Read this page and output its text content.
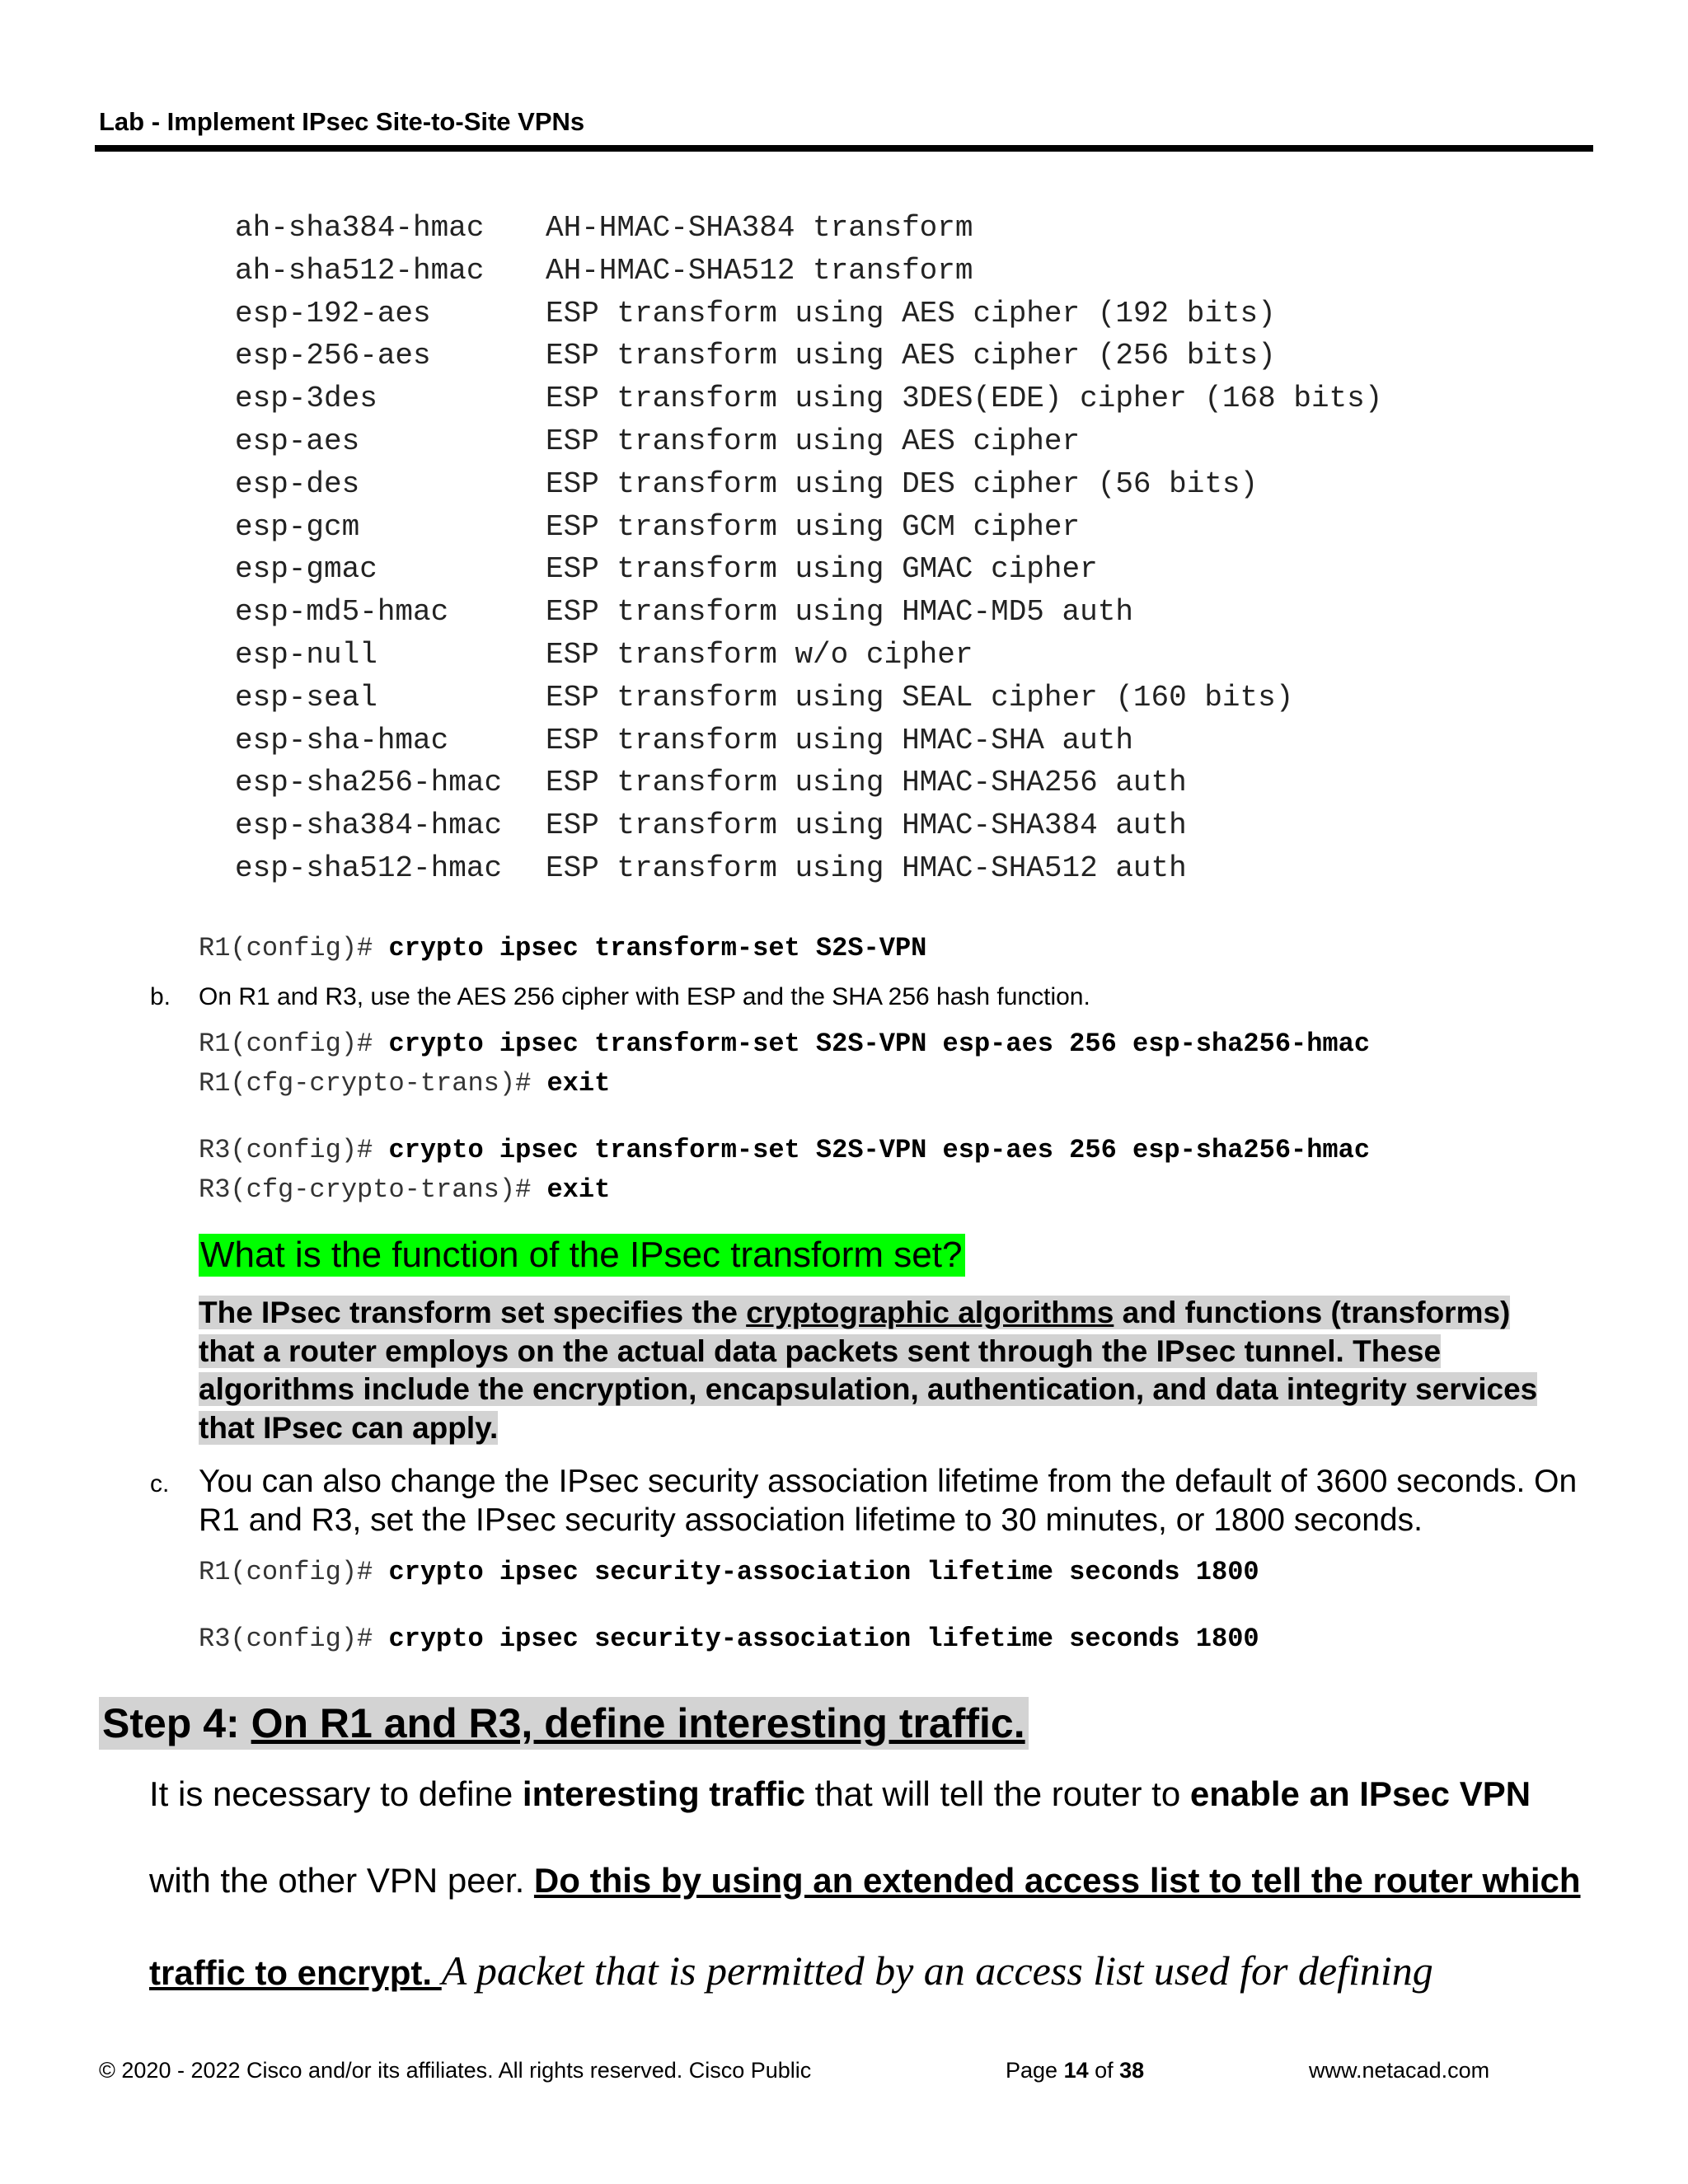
Lab - Implement IPsec Site-to-Site VPNs
ah-sha384-hmac AH-HMAC-SHA384 transform
ah-sha512-hmac AH-HMAC-SHA512 transform
esp-192-aes	ESP transform using AES cipher (192 bits)
esp-256-aes	ESP transform using AES cipher (256 bits)
esp-3des	ESP transform using 3DES(EDE) cipher (168 bits)
esp-aes	ESP transform using AES cipher
esp-des	ESP transform using DES cipher (56 bits)
esp-gcm	ESP transform using GCM cipher
esp-gmac	ESP transform using GMAC cipher
esp-md5-hmac	ESP transform using HMAC-MD5 auth
esp-null	ESP transform w/o cipher
esp-seal	ESP transform using SEAL cipher (160 bits)
esp-sha-hmac	ESP transform using HMAC-SHA auth
esp-sha256-hmac ESP transform using HMAC-SHA256 auth
esp-sha384-hmac ESP transform using HMAC-SHA384 auth
esp-sha512-hmac ESP transform using HMAC-SHA512 auth
R1(config)# crypto ipsec transform-set S2S-VPN
b. On R1 and R3, use the AES 256 cipher with ESP and the SHA 256 hash function.
R1(config)# crypto ipsec transform-set S2S-VPN esp-aes 256 esp-sha256-hmac
R1(cfg-crypto-trans)# exit
R3(config)# crypto ipsec transform-set S2S-VPN esp-aes 256 esp-sha256-hmac
R3(cfg-crypto-trans)# exit
What is the function of the IPsec transform set?
The IPsec transform set specifies the cryptographic algorithms and functions (transforms) that a router employs on the actual data packets sent through the IPsec tunnel. These algorithms include the encryption, encapsulation, authentication, and data integrity services that IPsec can apply.
c. You can also change the IPsec security association lifetime from the default of 3600 seconds. On R1 and R3, set the IPsec security association lifetime to 30 minutes, or 1800 seconds.
R1(config)# crypto ipsec security-association lifetime seconds 1800
R3(config)# crypto ipsec security-association lifetime seconds 1800
Step 4: On R1 and R3, define interesting traffic.
It is necessary to define interesting traffic that will tell the router to enable an IPsec VPN
with the other VPN peer. Do this by using an extended access list to tell the router which
traffic to encrypt. A packet that is permitted by an access list used for defining
© 2020 - 2022 Cisco and/or its affiliates. All rights reserved. Cisco Public	Page 14 of 38	www.netacad.com
